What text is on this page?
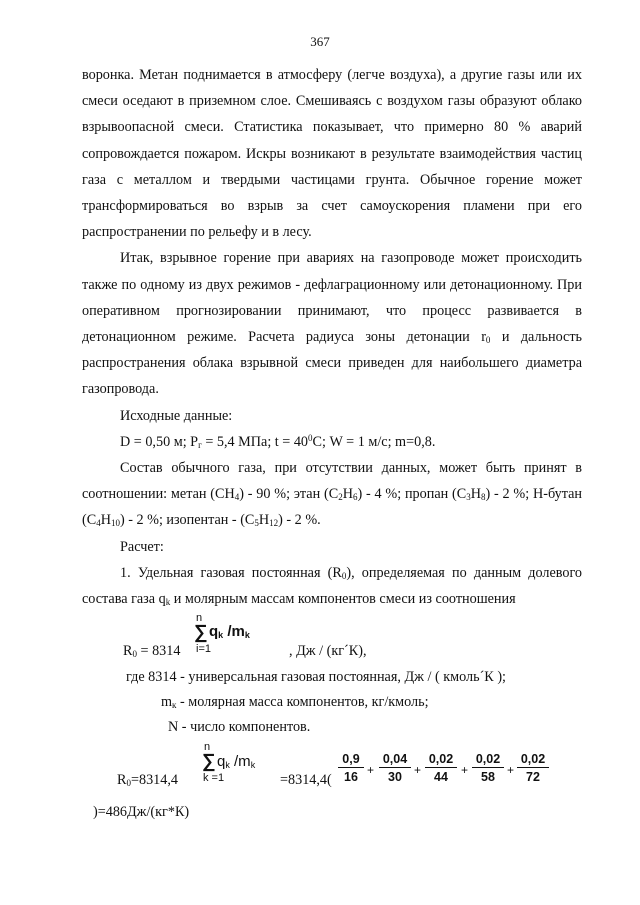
367

воронка. Метан поднимается в атмосферу (легче воздуха), а другие газы или их смеси оседают в приземном слое. Смешиваясь с воздухом газы образуют облако взрывоопасной смеси. Статистика показывает, что примерно 80 % аварий сопровождается пожаром. Искры возникают в результате взаимодействия частиц газа с металлом и твердыми частицами грунта. Обычное горение может трансформироваться во взрыв за счет самоускорения пламени при его распространении по рельефу и в лесу.

Итак, взрывное горение при авариях на газопроводе может происходить также по одному из двух режимов - дефлаграционному или детонационному. При оперативном прогнозировании принимают, что процесс развивается в детонационном режиме. Расчета радиуса зоны детонации $r_0$ и дальность распространения облака взрывной смеси приведен для наибольшего диаметра газопровода.

Исходные данные:

D = 0,50 м; $P_г = 5,4$ МПа; $t = 40^0С$; W = 1 м/с; m=0,8.

Состав обычного газа, при отсутствии данных, может быть принят в соотношении: метан $(СН_4) - 90$ %; этан $(С_2Н_6) - 4$ %; пропан $(С_3Н_8) - 2$ %; Н-бутан $(С_4Н_{10}) - 2$ %; изопентан - $(С_5Н_{12}) - 2$ %.

Расчет:

1. Удельная газовая постоянная $(R_0)$, определяемая по данным долевого состава газа $q_k$ и молярным массам компонентов смеси из соотношения

n
∑ $q_k$ $/m_k$
i=1
$R_0 = 8314$	, Дж / (кг´К),
где 8314 - универсальная газовая постоянная, Дж / ( кмоль´К );
$m_к$ - молярная масса компонентов, кг/кмоль;
N - число компонентов.
n
∑ $q_k$ $/m_k$
k =1
$R_0=8314,4$	$=8314,4( \frac{0,9}{16} + \frac{0,04}{30} + \frac{0,02}{44} + \frac{0,02}{58} + \frac{0,02}{72}$
)=486Дж/(кг*К)
